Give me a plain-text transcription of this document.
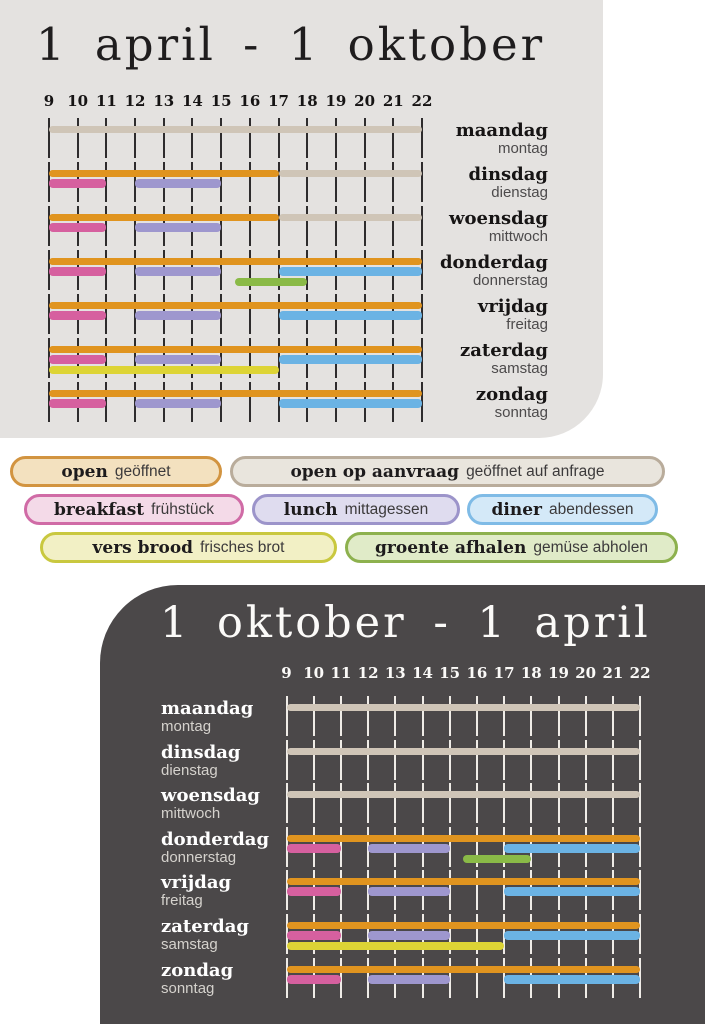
1 april - 1 oktober
1 oktober - 1 april
9 10 11 12 13 14 15 16 17 18 19 20 21 22
maandag
montag
dinsdag
dienstag
woensdag
mittwoch
donderdag
donnerstag
vrijdag
freitag
zaterdag
samstag
zondag
sonntag
9 10 11 12 13 14 15 16 17 18 19 20 21 22
maandag
montag
dinsdag
dienstag
woensdag
mittwoch
donderdag
donnerstag
vrijdag
freitag
zaterdag
samstag
zondag
sonntag
open geöffnet	open op aanvraag geöffnet auf anfrage
breakfast frühstück	lunch mittagessen	diner abendessen
vers brood frisches brot	groente afhalen gemüse abholen
